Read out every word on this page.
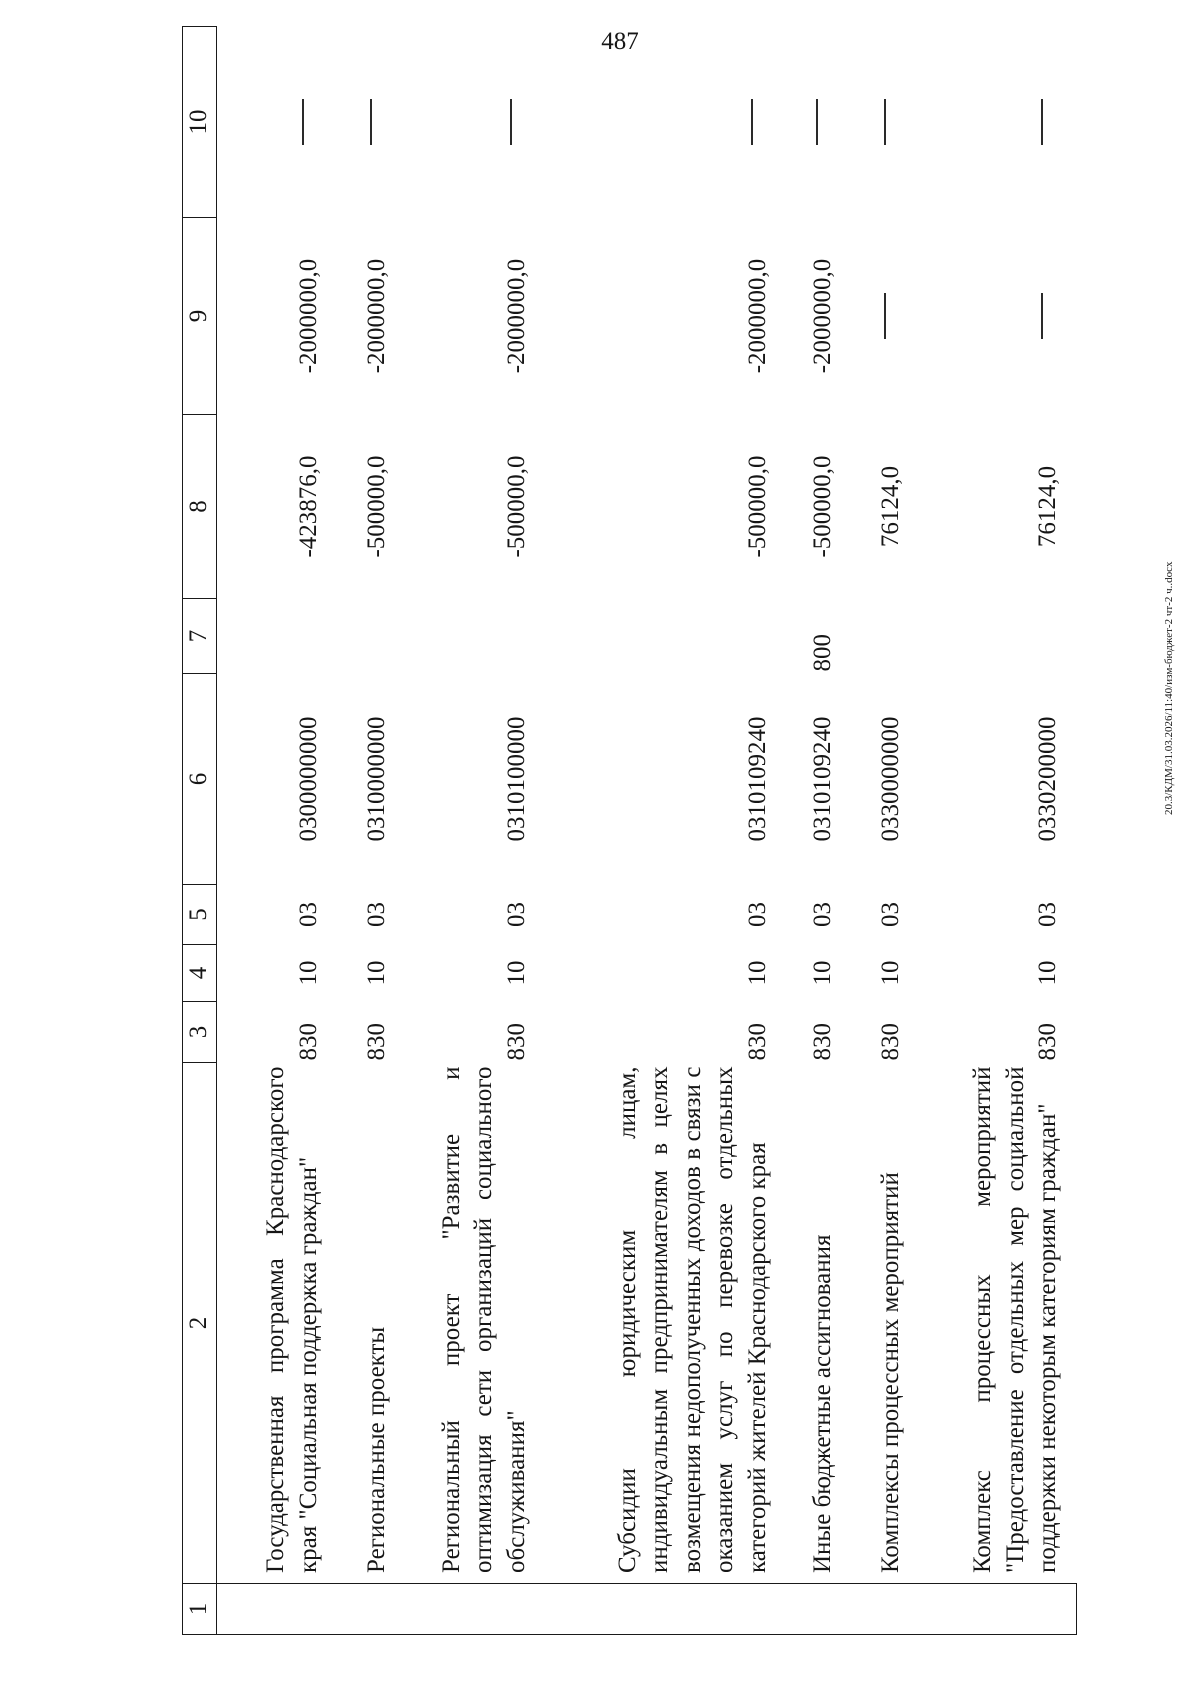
487
20.3/КДМ/31.03.2026/11:40/изм-бюджет-2 чт-2 ч..docx
1	2	3	4	5	6	7	8	9	10
	Государственная программа Краснодарского края "Социальная поддержка граждан"	830	10	03	0300000000		-423876,0	-2000000,0	
	Региональные проекты	830	10	03	0310000000		-500000,0	-2000000,0	
	Региональный проект "Развитие и оптимизация сети организаций социального обслуживания"	830	10	03	0310100000		-500000,0	-2000000,0	
	Субсидии юридическим лицам, индивидуальным предпринимателям в целях возмещения недополученных доходов в связи с оказанием услуг по перевозке отдельных категорий жителей Краснодарского края	830	10	03	0310109240		-500000,0	-2000000,0	
	Иные бюджетные ассигнования	830	10	03	0310109240	800	-500000,0	-2000000,0	
	Комплексы процессных мероприятий	830	10	03	0330000000		76124,0		
	Комплекс процессных мероприятий "Предоставление отдельных мер социальной поддержки некоторым категориям граждан"	830	10	03	0330200000		76124,0		
